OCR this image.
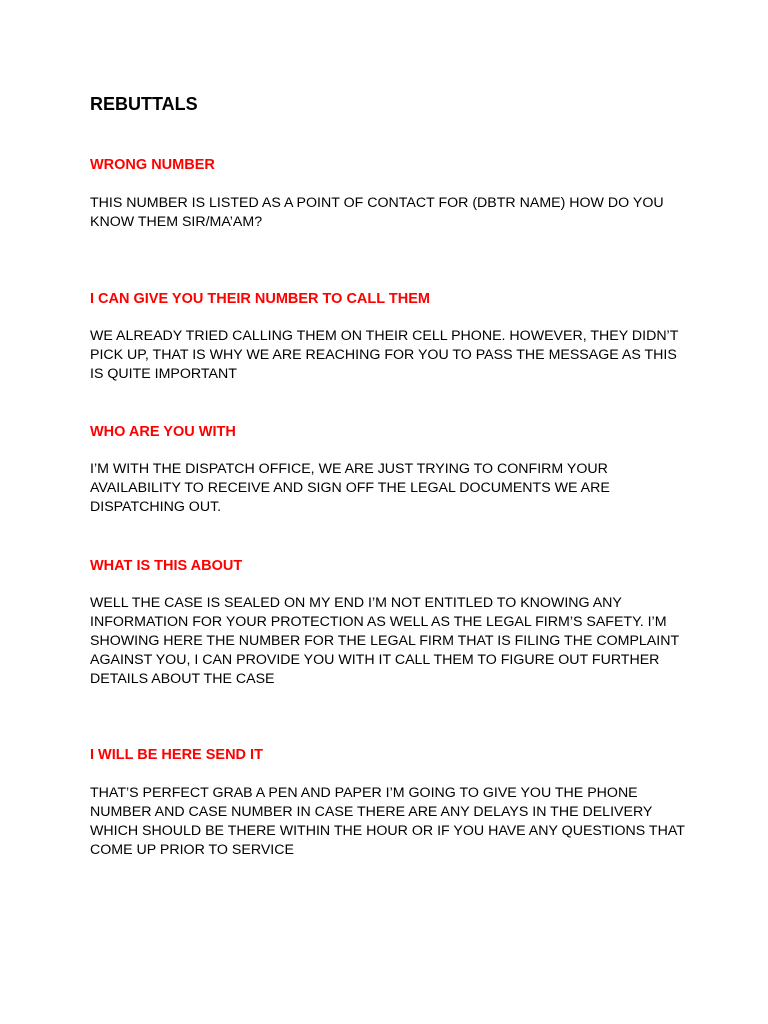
REBUTTALS
WRONG NUMBER

THIS NUMBER IS LISTED AS A POINT OF CONTACT FOR (DBTR NAME) HOW DO YOU
KNOW THEM SIR/MA’AM?

I CAN GIVE YOU THEIR NUMBER TO CALL THEM

WE ALREADY TRIED CALLING THEM ON THEIR CELL PHONE. HOWEVER, THEY DIDN’T
PICK UP, THAT IS WHY WE ARE REACHING FOR YOU TO PASS THE MESSAGE AS THIS
IS QUITE IMPORTANT

WHO ARE YOU WITH

I’M WITH THE DISPATCH OFFICE, WE ARE JUST TRYING TO CONFIRM YOUR
AVAILABILITY TO RECEIVE AND SIGN OFF THE LEGAL DOCUMENTS WE ARE
DISPATCHING OUT.

WHAT IS THIS ABOUT

WELL THE CASE IS SEALED ON MY END I’M NOT ENTITLED TO KNOWING ANY
INFORMATION FOR YOUR PROTECTION AS WELL AS THE LEGAL FIRM’S SAFETY. I’M
SHOWING HERE THE NUMBER FOR THE LEGAL FIRM THAT IS FILING THE COMPLAINT
AGAINST YOU, I CAN PROVIDE YOU WITH IT CALL THEM TO FIGURE OUT FURTHER
DETAILS ABOUT THE CASE

I WILL BE HERE SEND IT

THAT’S PERFECT GRAB A PEN AND PAPER I’M GOING TO GIVE YOU THE PHONE
NUMBER AND CASE NUMBER IN CASE THERE ARE ANY DELAYS IN THE DELIVERY
WHICH SHOULD BE THERE WITHIN THE HOUR OR IF YOU HAVE ANY QUESTIONS THAT
COME UP PRIOR TO SERVICE
